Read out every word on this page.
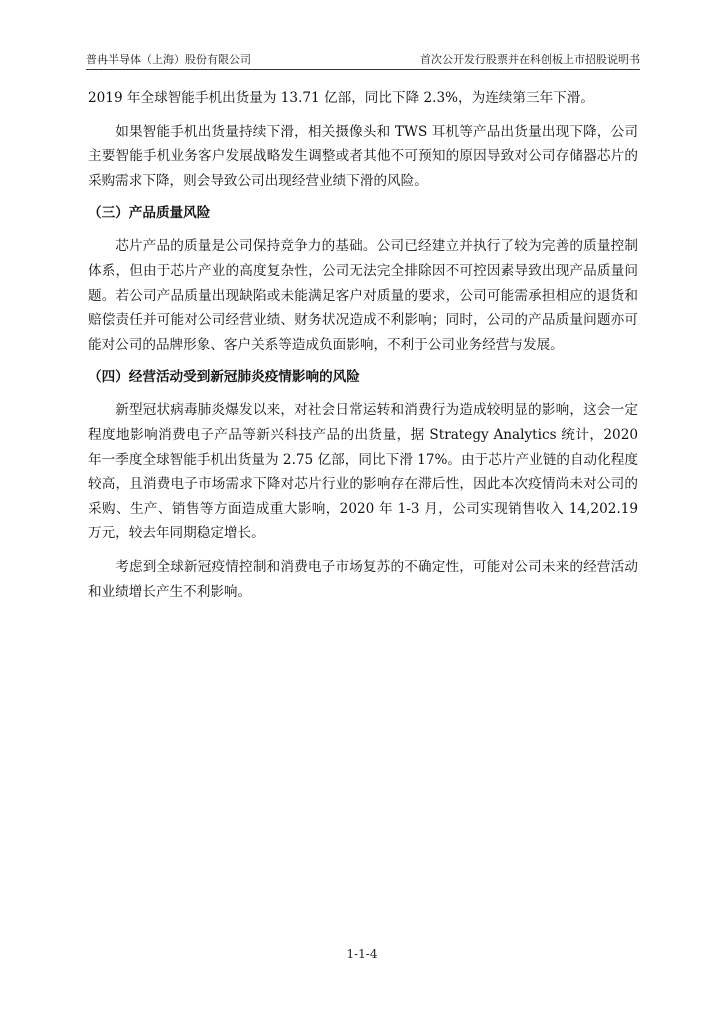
普冉半导体（上海）股份有限公司	首次公开发行股票并在科创板上市招股说明书

2019 年全球智能手机出货量为 13.71 亿部，同比下降 2.3%，为连续第三年下滑。

如果智能手机出货量持续下滑，相关摄像头和 TWS 耳机等产品出货量出现下降，公司主要智能手机业务客户发展战略发生调整或者其他不可预知的原因导致对公司存储器芯片的采购需求下降，则会导致公司出现经营业绩下滑的风险。

（三）产品质量风险

芯片产品的质量是公司保持竞争力的基础。公司已经建立并执行了较为完善的质量控制体系，但由于芯片产业的高度复杂性，公司无法完全排除因不可控因素导致出现产品质量问题。若公司产品质量出现缺陷或未能满足客户对质量的要求，公司可能需承担相应的退货和赔偿责任并可能对公司经营业绩、财务状况造成不利影响；同时，公司的产品质量问题亦可能对公司的品牌形象、客户关系等造成负面影响，不利于公司业务经营与发展。

（四）经营活动受到新冠肺炎疫情影响的风险

新型冠状病毒肺炎爆发以来，对社会日常运转和消费行为造成较明显的影响，这会一定程度地影响消费电子产品等新兴科技产品的出货量，据 Strategy Analytics 统计，2020 年一季度全球智能手机出货量为 2.75 亿部，同比下滑 17%。由于芯片产业链的自动化程度较高，且消费电子市场需求下降对芯片行业的影响存在滞后性，因此本次疫情尚未对公司的采购、生产、销售等方面造成重大影响，2020 年 1-3 月，公司实现销售收入 14,202.19 万元，较去年同期稳定增长。

考虑到全球新冠疫情控制和消费电子市场复苏的不确定性，可能对公司未来的经营活动和业绩增长产生不利影响。

1-1-4
